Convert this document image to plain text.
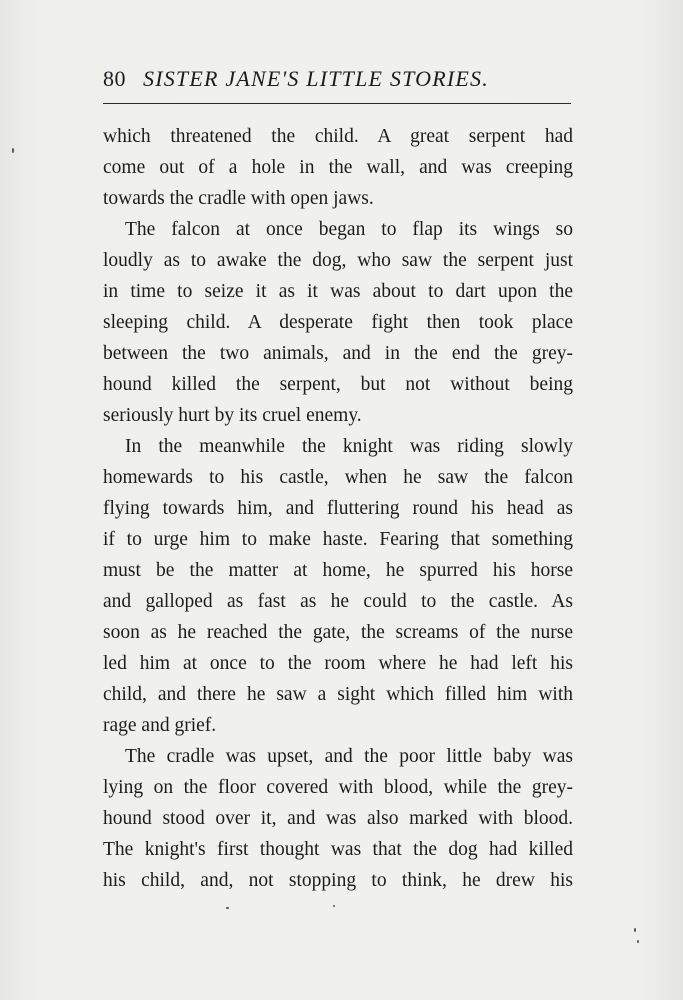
80 SISTER JANE'S LITTLE STORIES.
which threatened the child. A great serpent had
come out of a hole in the wall, and was creeping
towards the cradle with open jaws.
The falcon at once began to flap its wings so
loudly as to awake the dog, who saw the serpent just
in time to seize it as it was about to dart upon the
sleeping child. A desperate fight then took place
between the two animals, and in the end the grey-
hound killed the serpent, but not without being
seriously hurt by its cruel enemy.
In the meanwhile the knight was riding slowly
homewards to his castle, when he saw the falcon
flying towards him, and fluttering round his head as
if to urge him to make haste. Fearing that something
must be the matter at home, he spurred his horse
and galloped as fast as he could to the castle. As
soon as he reached the gate, the screams of the nurse
led him at once to the room where he had left his
child, and there he saw a sight which filled him with
rage and grief.
The cradle was upset, and the poor little baby was
lying on the floor covered with blood, while the grey-
hound stood over it, and was also marked with blood.
The knight's first thought was that the dog had killed
his child, and, not stopping to think, he drew his
